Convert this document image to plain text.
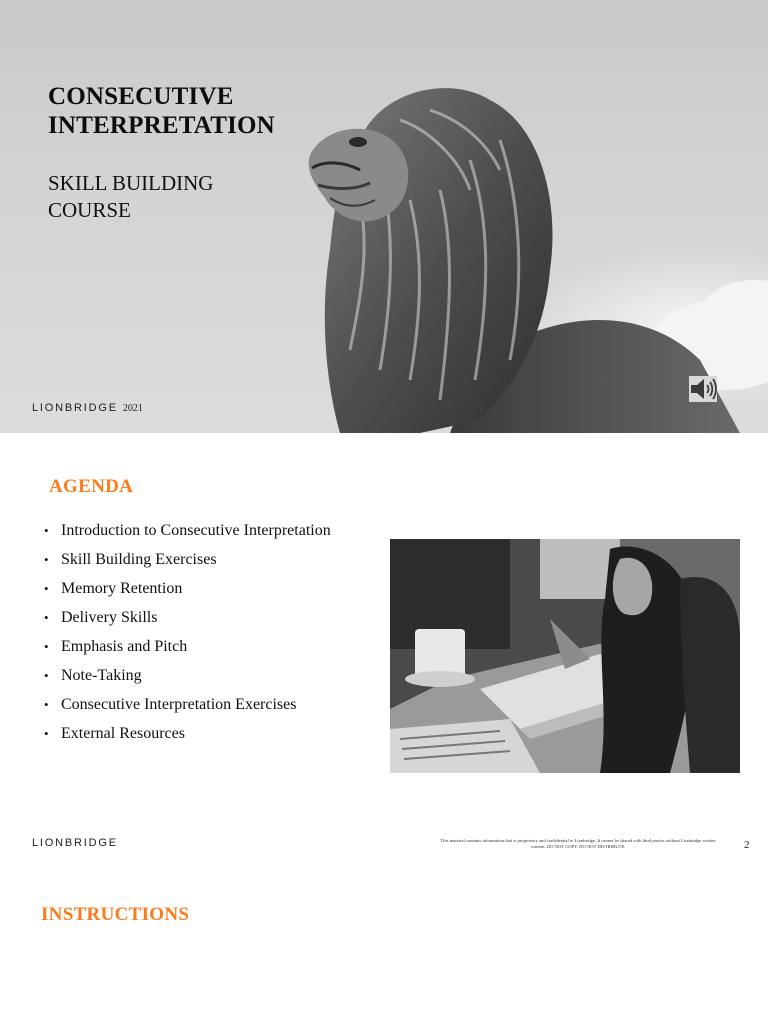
CONSECUTIVE
INTERPRETATION
SKILL BUILDING
COURSE
LIONBRIDGE 2021
AGENDA
• Introduction to Consecutive Interpretation
• Skill Building Exercises
• Memory Retention
• Delivery Skills
• Emphasis and Pitch
• Note-Taking
• Consecutive Interpretation Exercises
• External Resources
LIONBRIDGE	This material contains information that is proprietary and confidential to Lionbridge. It cannot be shared with third parties without Lionbridge written consent. DO NOT COPY. DO NOT DISTRIBUTE.	2
INSTRUCTIONS
